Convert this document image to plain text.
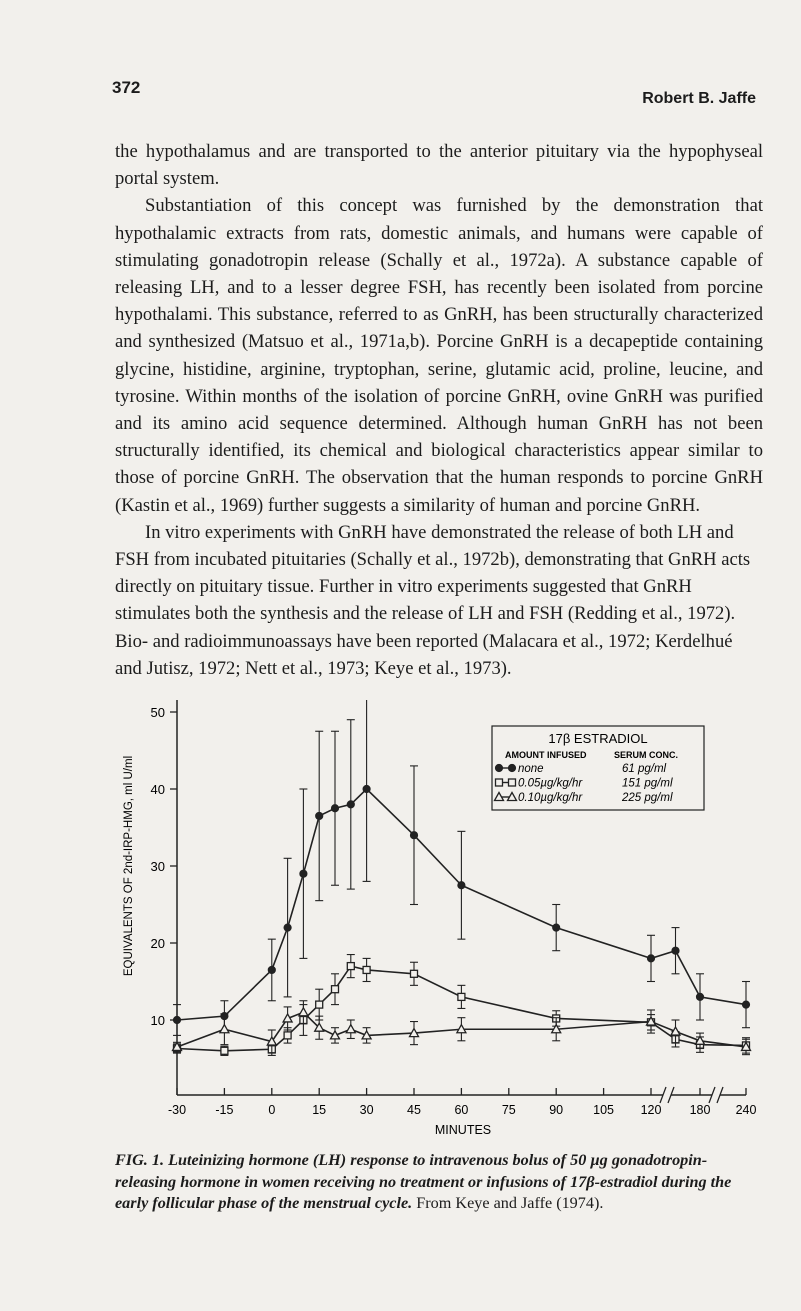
372
Robert B. Jaffe

the hypothalamus and are transported to the anterior pituitary via the hypophyseal portal system.

Substantiation of this concept was furnished by the demonstration that hypothalamic extracts from rats, domestic animals, and humans were capable of stimulating gonadotropin release (Schally et al., 1972a). A substance capable of releasing LH, and to a lesser degree FSH, has recently been isolated from porcine hypothalami. This substance, referred to as GnRH, has been structurally characterized and synthesized (Matsuo et al., 1971a,b). Porcine GnRH is a decapeptide containing glycine, histidine, arginine, tryptophan, serine, glutamic acid, proline, leucine, and tyrosine. Within months of the isolation of porcine GnRH, ovine GnRH was purified and its amino acid sequence determined. Although human GnRH has not been structurally identified, its chemical and biological characteristics appear similar to those of porcine GnRH. The observation that the human responds to porcine GnRH (Kastin et al., 1969) further suggests a similarity of human and porcine GnRH.

In vitro experiments with GnRH have demonstrated the release of both LH and FSH from incubated pituitaries (Schally et al., 1972b), demonstrating that GnRH acts directly on pituitary tissue. Further in vitro experiments suggested that GnRH stimulates both the synthesis and the release of LH and FSH (Redding et al., 1972). Bio- and radioimmunoassays have been reported (Malacara et al., 1972; Kerdelhué and Jutisz, 1972; Nett et al., 1973; Keye et al., 1973).

10
20
30
40
50
-30 -15	0	15	30	45	60	75	90 105 120 180 240
MINUTES
EQUIVALENTS OF 2nd-IRP-HMG, ml U/ml
17β ESTRADIOL
AMOUNT INFUSED	SERUM CONC.
none	61 pg/ml
0.05µg/kg/hr	151 pg/ml
0.10µg/kg/hr	225 pg/ml
FIG. 1. Luteinizing hormone (LH) response to intravenous bolus of 50 µg gonadotropin-releasing hormone in women receiving no treatment or infusions of 17β-estradiol during the early follicular phase of the menstrual cycle. From Keye and Jaffe (1974).
